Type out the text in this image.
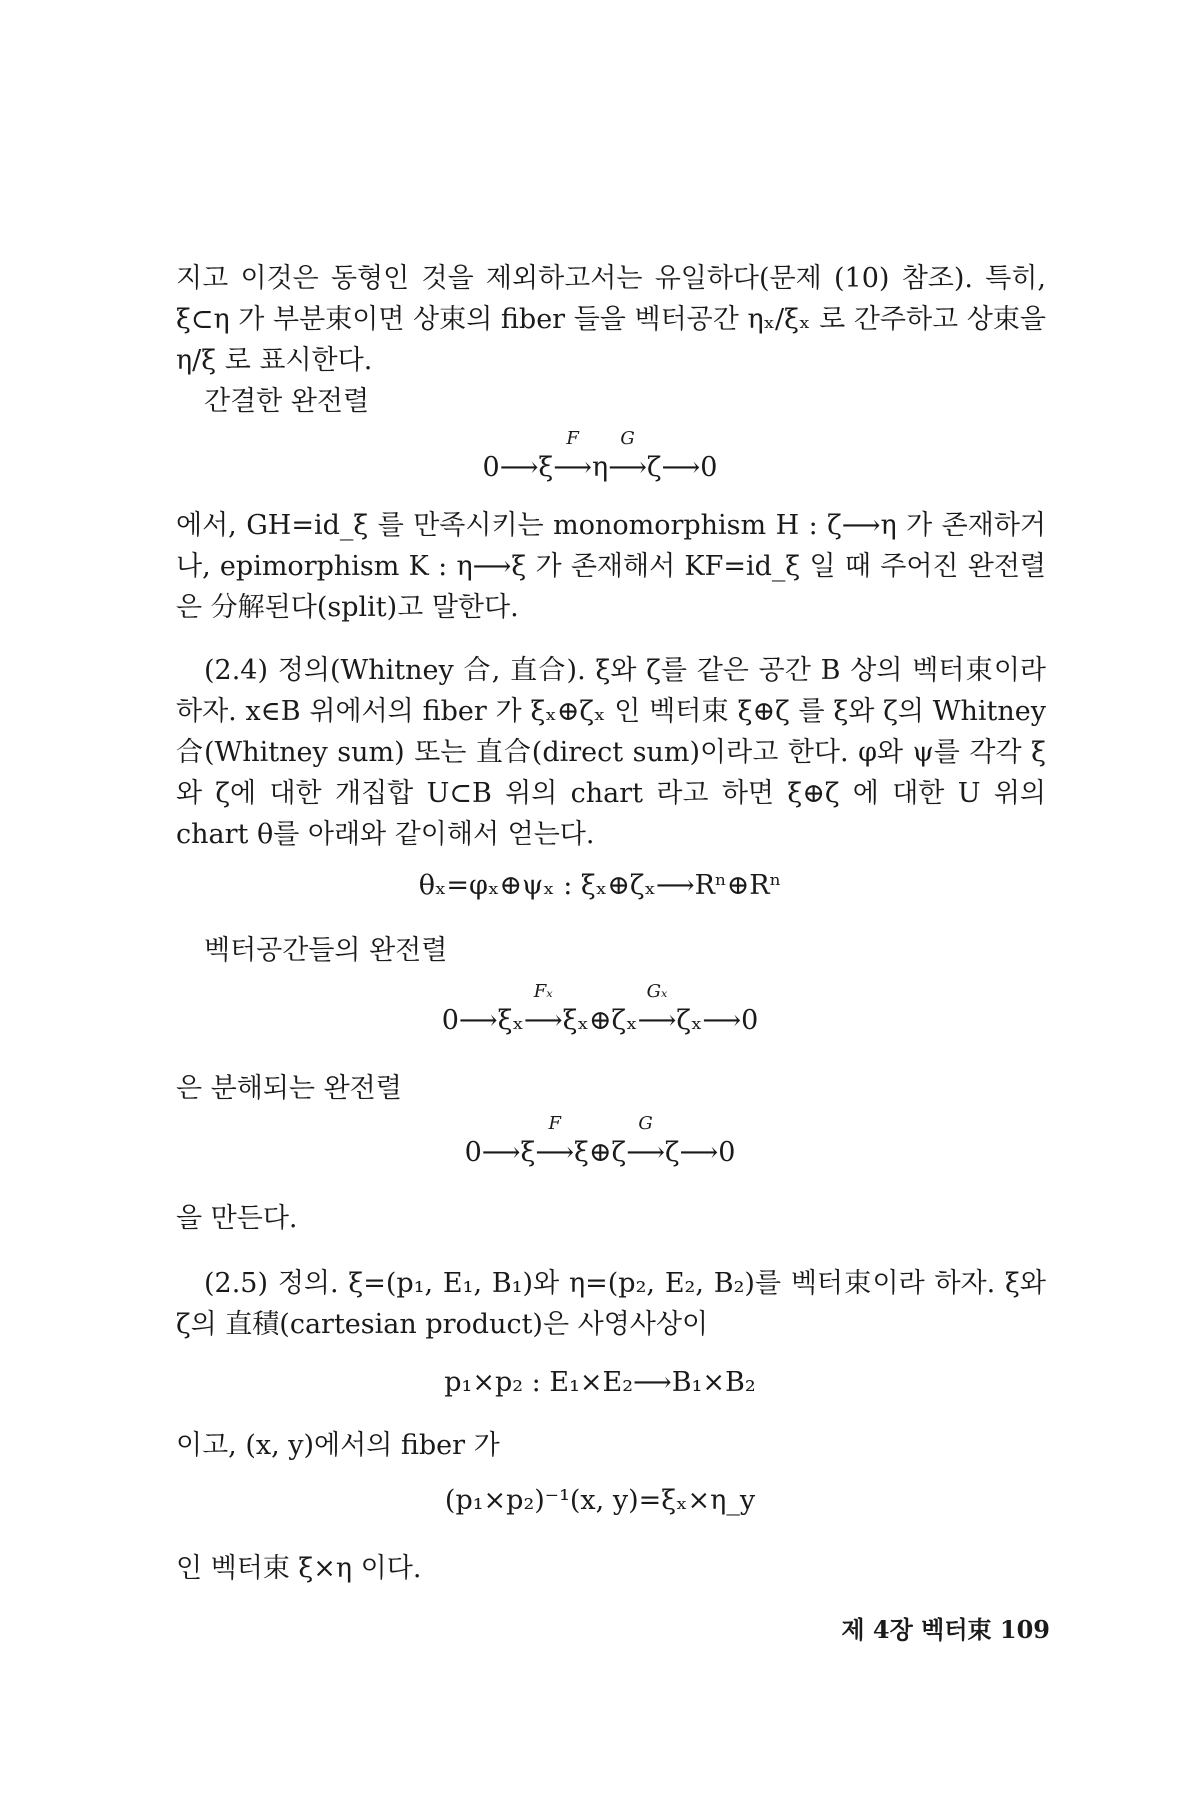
지고 이것은 동형인 것을 제외하고서는 유일하다(문제 (10) 참조). 특히, ξ⊂η 가 부분束이면 상束의 fiber 들을 벡터공간 ηₓ/ξₓ 로 간주하고 상束을 η/ξ 로 표시한다.

간결한 완전렬

0⟶ξ
F
⟶η
G
⟶ζ⟶0

에서, GH=id_ξ 를 만족시키는 monomorphism H : ζ⟶η 가 존재하거나, epimorphism K : η⟶ξ 가 존재해서 KF=id_ξ 일 때 주어진 완전렬은 分解된다(split)고 말한다.

(2.4) 정의(Whitney 合, 直合). ξ와 ζ를 같은 공간 B 상의 벡터束이라 하자. x∈B 위에서의 fiber 가 ξₓ⊕ζₓ 인 벡터束 ξ⊕ζ 를 ξ와 ζ의 Whitney 合(Whitney sum) 또는 直合(direct sum)이라고 한다. φ와 ψ를 각각 ξ와 ζ에 대한 개집합 U⊂B 위의 chart 라고 하면 ξ⊕ζ 에 대한 U 위의 chart θ를 아래와 같이해서 얻는다.

θₓ=φₓ⊕ψₓ : ξₓ⊕ζₓ⟶Rⁿ⊕Rⁿ

벡터공간들의 완전렬

0⟶ξₓ
Fₓ
⟶ξₓ⊕ζₓ
Gₓ
⟶ζₓ⟶0

은 분해되는 완전렬

0⟶ξ
F
⟶ξ⊕ζ
G
⟶ζ⟶0

을 만든다.

(2.5) 정의. ξ=(p₁, E₁, B₁)와 η=(p₂, E₂, B₂)를 벡터束이라 하자. ξ와 ζ의 直積(cartesian product)은 사영사상이

p₁×p₂ : E₁×E₂⟶B₁×B₂

이고, (x, y)에서의 fiber 가

(p₁×p₂)⁻¹(x, y)=ξₓ×η_y

인 벡터束 ξ×η 이다.

제 4장 벡터束 109
